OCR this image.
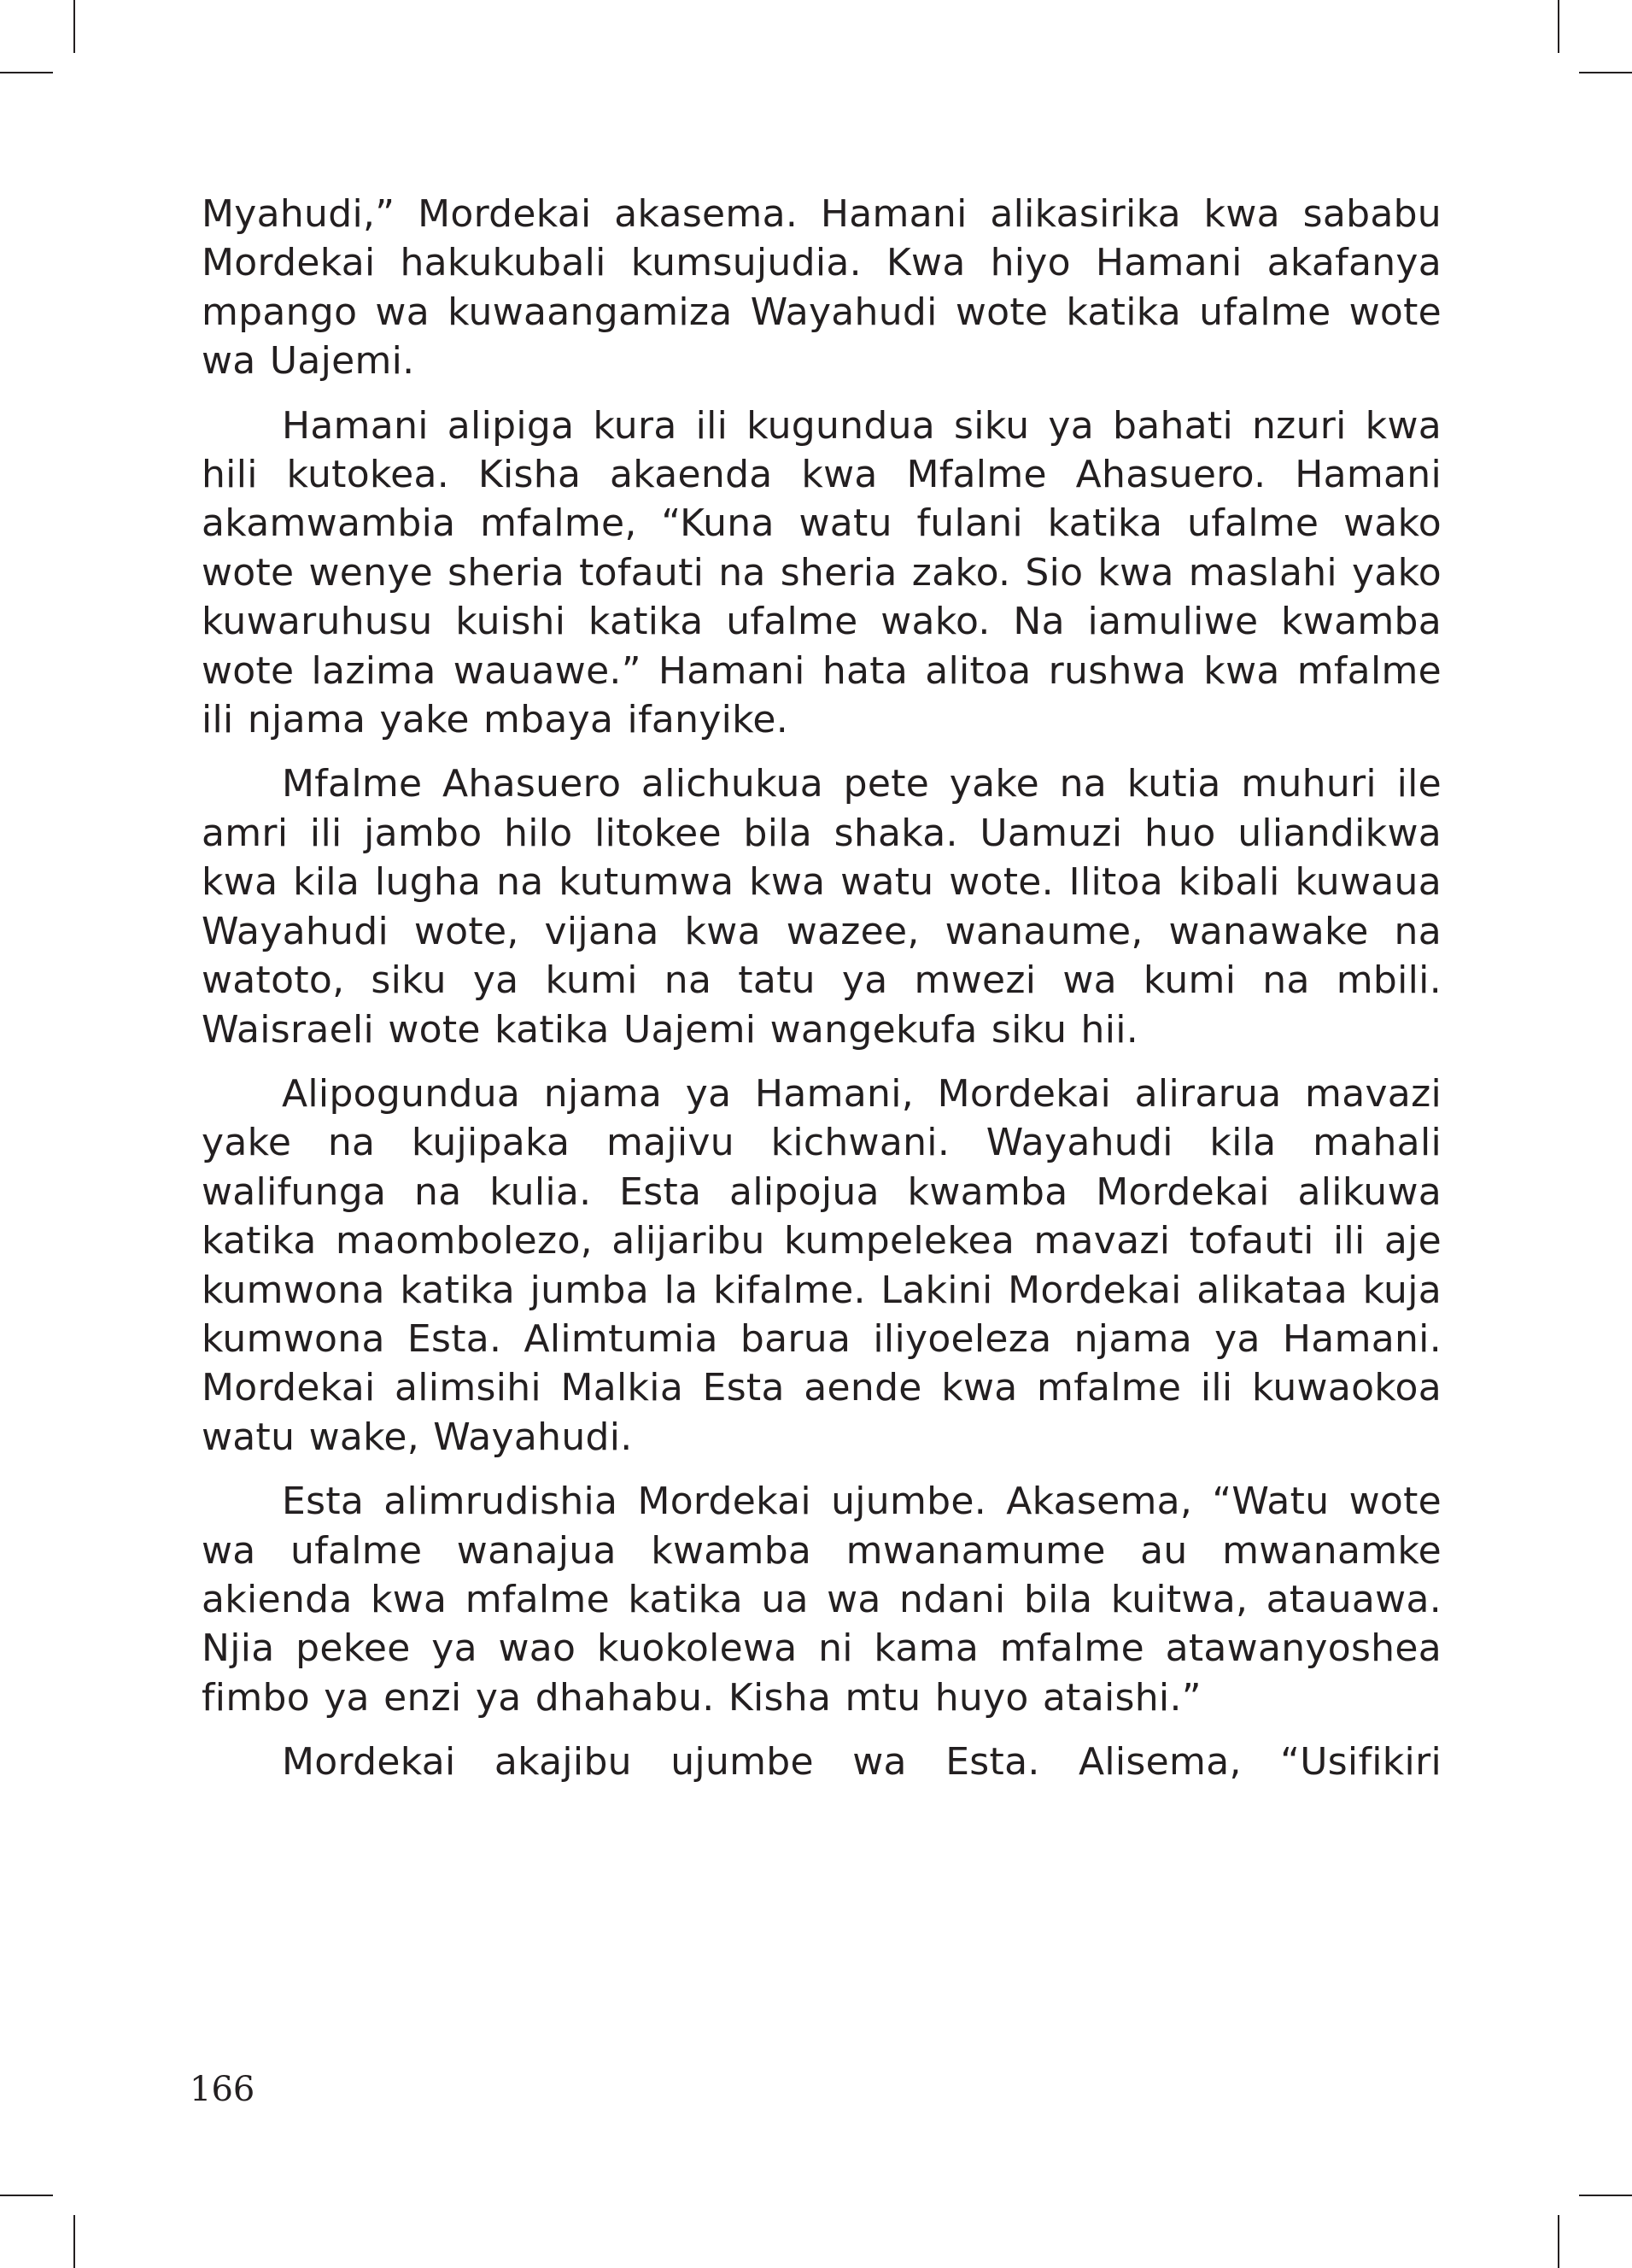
Myahudi,” Mordekai akasema. Hamani alikasirika kwa sababu Mordekai hakukubali kumsujudia. Kwa hiyo Hamani akafanya mpango wa kuwaangamiza Wayahudi wote katika ufalme wote wa Uajemi.

Hamani alipiga kura ili kugundua siku ya bahati nzuri kwa hili kutokea. Kisha akaenda kwa Mfalme Ahasuero. Hamani akamwambia mfalme, “Kuna watu fulani katika ufalme wako wote wenye sheria tofauti na sheria zako. Sio kwa maslahi yako kuwaruhusu kuishi katika ufalme wako. Na iamuliwe kwamba wote lazima wauawe.” Hamani hata alitoa rushwa kwa mfalme ili njama yake mbaya ifanyike.

Mfalme Ahasuero alichukua pete yake na kutia muhuri ile amri ili jambo hilo litokee bila shaka. Uamuzi huo uliandikwa kwa kila lugha na kutumwa kwa watu wote. Ilitoa kibali kuwaua Wayahudi wote, vijana kwa wazee, wanaume, wanawake na watoto, siku ya kumi na tatu ya mwezi wa kumi na mbili. Waisraeli wote katika Uajemi wangekufa siku hii.

Alipogundua njama ya Hamani, Mordekai alirarua mavazi yake na kujipaka majivu kichwani. Wayahudi kila mahali walifunga na kulia. Esta alipojua kwamba Mordekai alikuwa katika maombolezo, alijaribu kumpelekea mavazi tofauti ili aje kumwona katika jumba la kifalme. Lakini Mordekai alikataa kuja kumwona Esta. Alimtumia barua iliyoeleza njama ya Hamani. Mordekai alimsihi Malkia Esta aende kwa mfalme ili kuwaokoa watu wake, Wayahudi.

Esta alimrudishia Mordekai ujumbe. Akasema, “Watu wote wa ufalme wanajua kwamba mwanamume au mwanamke akienda kwa mfalme katika ua wa ndani bila kuitwa, atauawa. Njia pekee ya wao kuokolewa ni kama mfalme atawanyoshea fimbo ya enzi ya dhahabu. Kisha mtu huyo ataishi.”

Mordekai akajibu ujumbe wa Esta. Alisema, “Usifikiri

166
